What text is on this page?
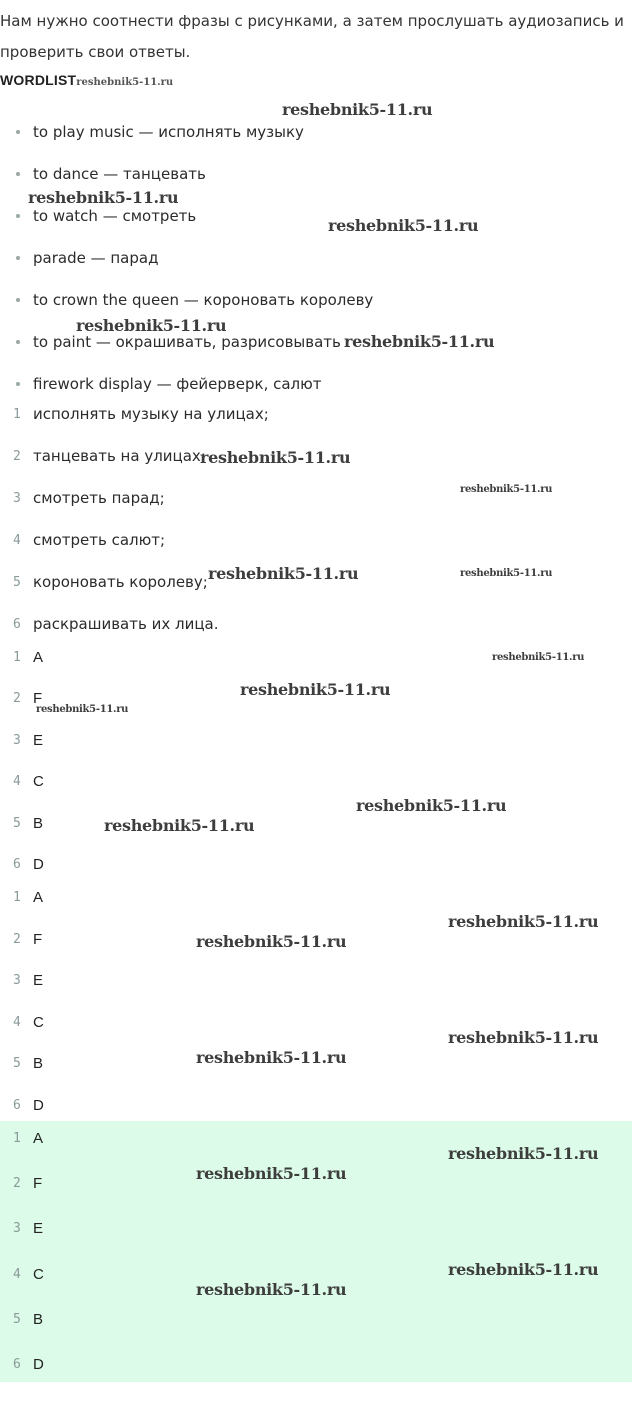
Нам нужно соотнести фразы с рисунками, а затем прослушать аудиозапись и проверить свои ответы.

WORDLIST reshebnik5-11.ru
to play music — исполнять музыку
to dance — танцевать
to watch — смотреть
parade — парад
to crown the queen — короновать королеву
to paint — окрашивать, разрисовывать
firework display — фейерверк, салют
1 исполнять музыку на улицах;
2 танцевать на улицах;
3 смотреть парад;
4 смотреть салют;
5 короновать королеву;
6 раскрашивать их лица.
1 A
2 F
3 E
4 C
5 B
6 D
1 A
2 F
3 E
4 C
5 B
6 D
1 A
2 F
3 E
4 C
5 B
6 D
reshebnik5-11.ru
reshebnik5-11.ru
reshebnik5-11.ru
reshebnik5-11.ru
reshebnik5-11.ru
reshebnik5-11.ru
reshebnik5-11.ru
reshebnik5-11.ru	reshebnik5-11.ru
reshebnik5-11.ru
reshebnik5-11.ru
reshebnik5-11.ru
reshebnik5-11.ru
reshebnik5-11.ru
reshebnik5-11.ru
reshebnik5-11.ru
reshebnik5-11.ru
reshebnik5-11.ru
reshebnik5-11.ru
reshebnik5-11.ru
reshebnik5-11.ru
reshebnik5-11.ru
